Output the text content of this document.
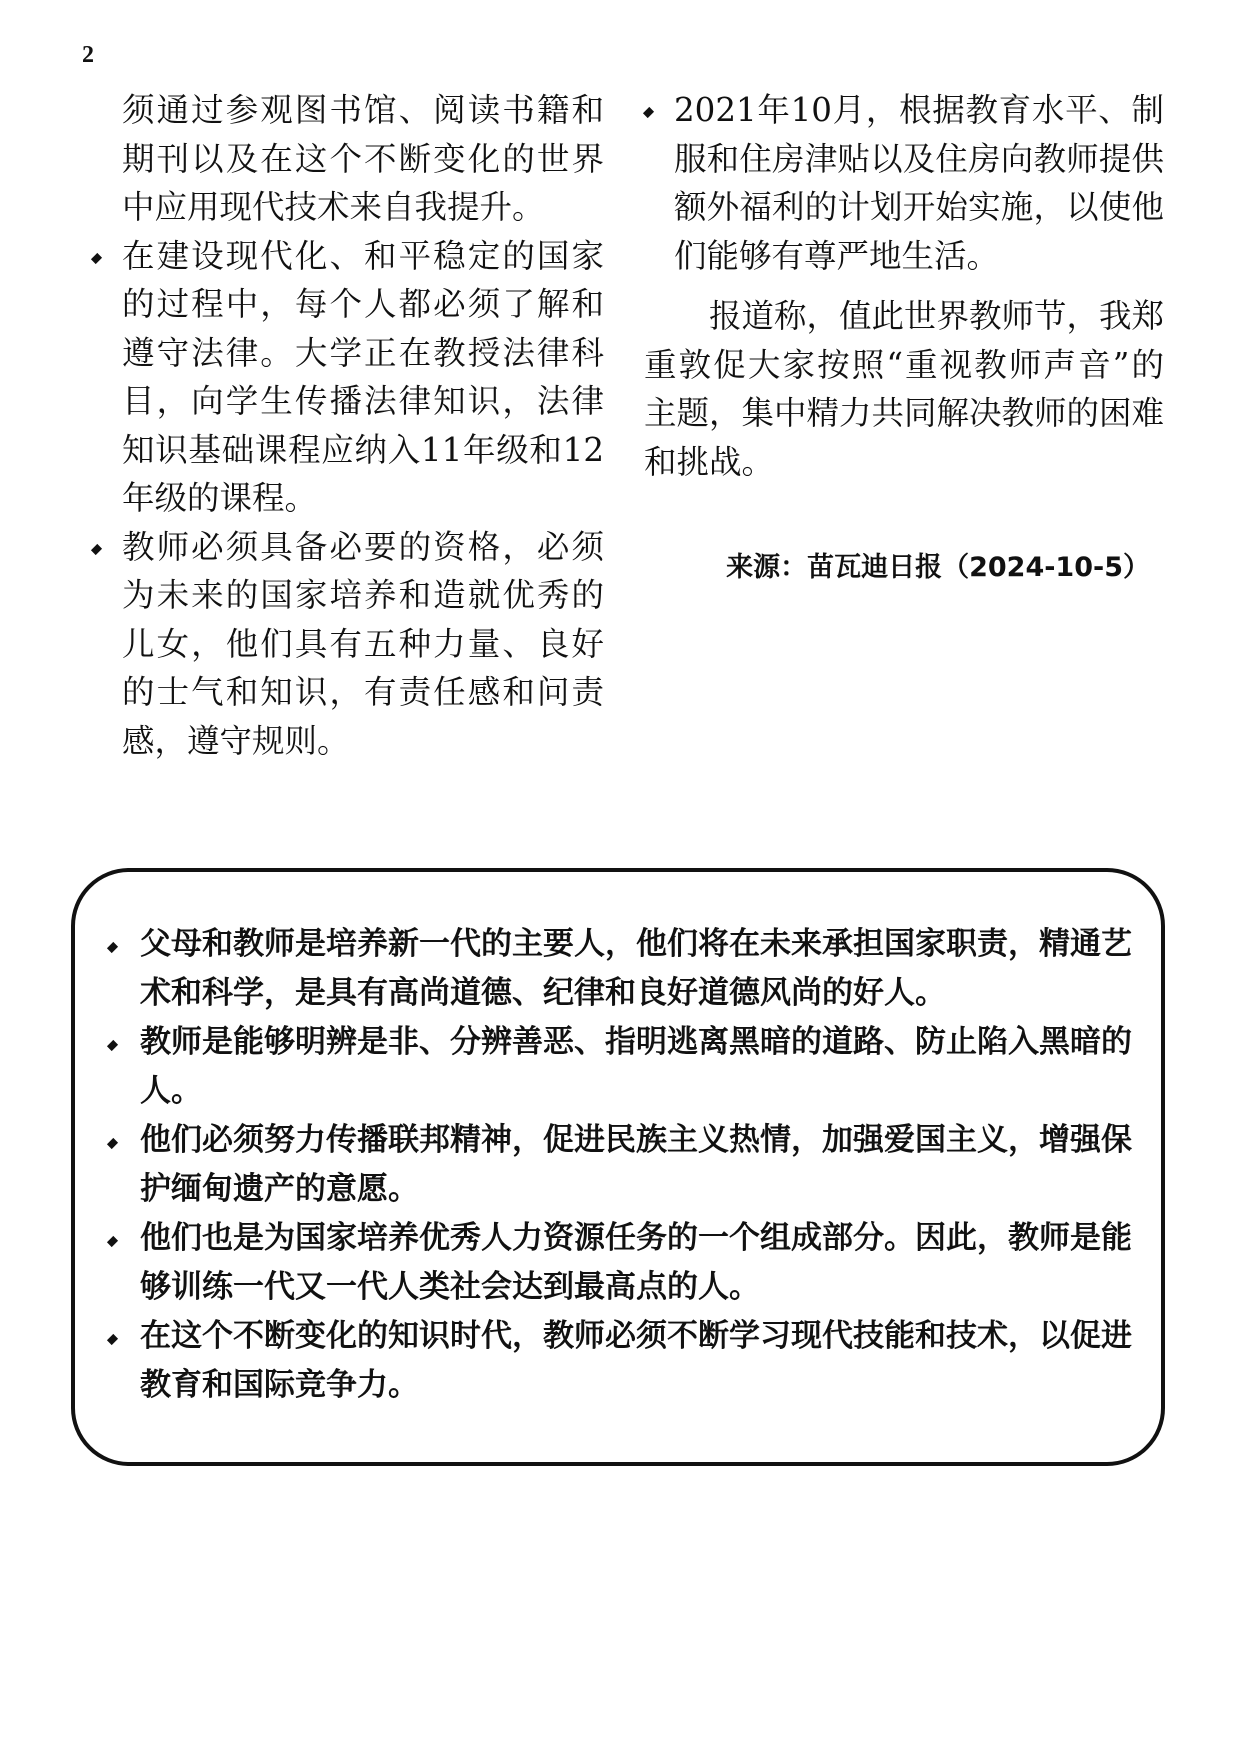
2

须通过参观图书馆、阅读书籍和期刊以及在这个不断变化的世界中应用现代技术来自我提升。

在建设现代化、和平稳定的国家的过程中，每个人都必须了解和遵守法律。大学正在教授法律科目，向学生传播法律知识，法律知识基础课程应纳入11年级和12年级的课程。

教师必须具备必要的资格，必须为未来的国家培养和造就优秀的儿女，他们具有五种力量、良好的士气和知识，有责任感和问责感，遵守规则。

2021年10月，根据教育水平、制服和住房津贴以及住房向教师提供额外福利的计划开始实施，以使他们能够有尊严地生活。

报道称，值此世界教师节，我郑重敦促大家按照“重视教师声音”的主题，集中精力共同解决教师的困难和挑战。

来源：苗瓦迪日报（2024-10-5）

父母和教师是培养新一代的主要人，他们将在未来承担国家职责，精通艺术和科学，是具有高尚道德、纪律和良好道德风尚的好人。

教师是能够明辨是非、分辨善恶、指明逃离黑暗的道路、防止陷入黑暗的人。

他们必须努力传播联邦精神，促进民族主义热情，加强爱国主义，增强保护缅甸遗产的意愿。

他们也是为国家培养优秀人力资源任务的一个组成部分。因此，教师是能够训练一代又一代人类社会达到最高点的人。

在这个不断变化的知识时代，教师必须不断学习现代技能和技术，以促进教育和国际竞争力。
